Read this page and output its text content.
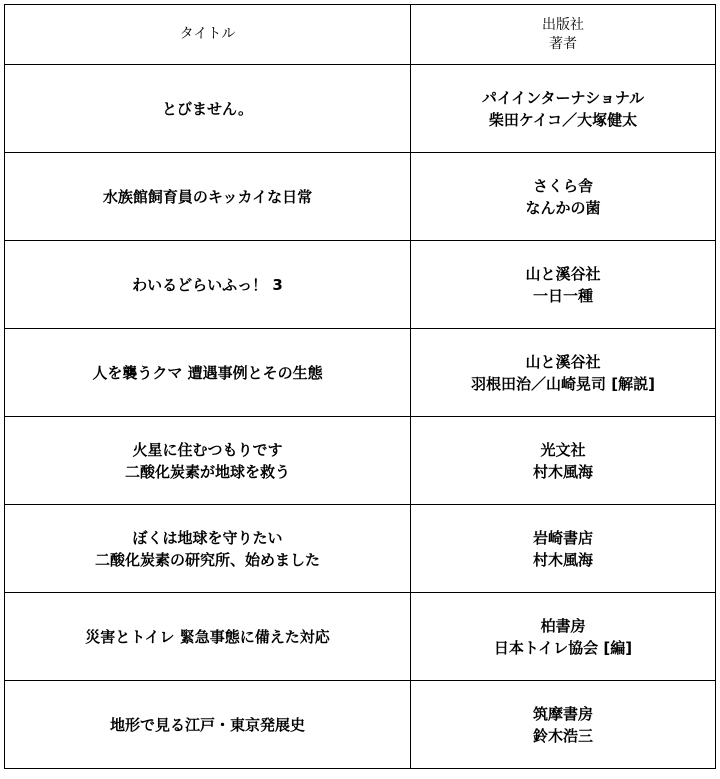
タイトル	出版社
著者

とびません。	パイインターナショナル
柴田ケイコ／大塚健太

水族館飼育員のキッカイな日常	さくら舎
なんかの菌

わいるどらいふっ！ 3	山と溪谷社
一日一種

人を襲うクマ 遭遇事例とその生態	山と溪谷社
羽根田治／山崎晃司 [解説]

火星に住むつもりです
二酸化炭素が地球を救う	光文社
村木風海

ぼくは地球を守りたい
二酸化炭素の研究所、始めました	岩崎書店
村木風海

災害とトイレ 緊急事態に備えた対応	柏書房
日本トイレ協会 [編]

地形で見る江戸・東京発展史	筑摩書房
鈴木浩三
